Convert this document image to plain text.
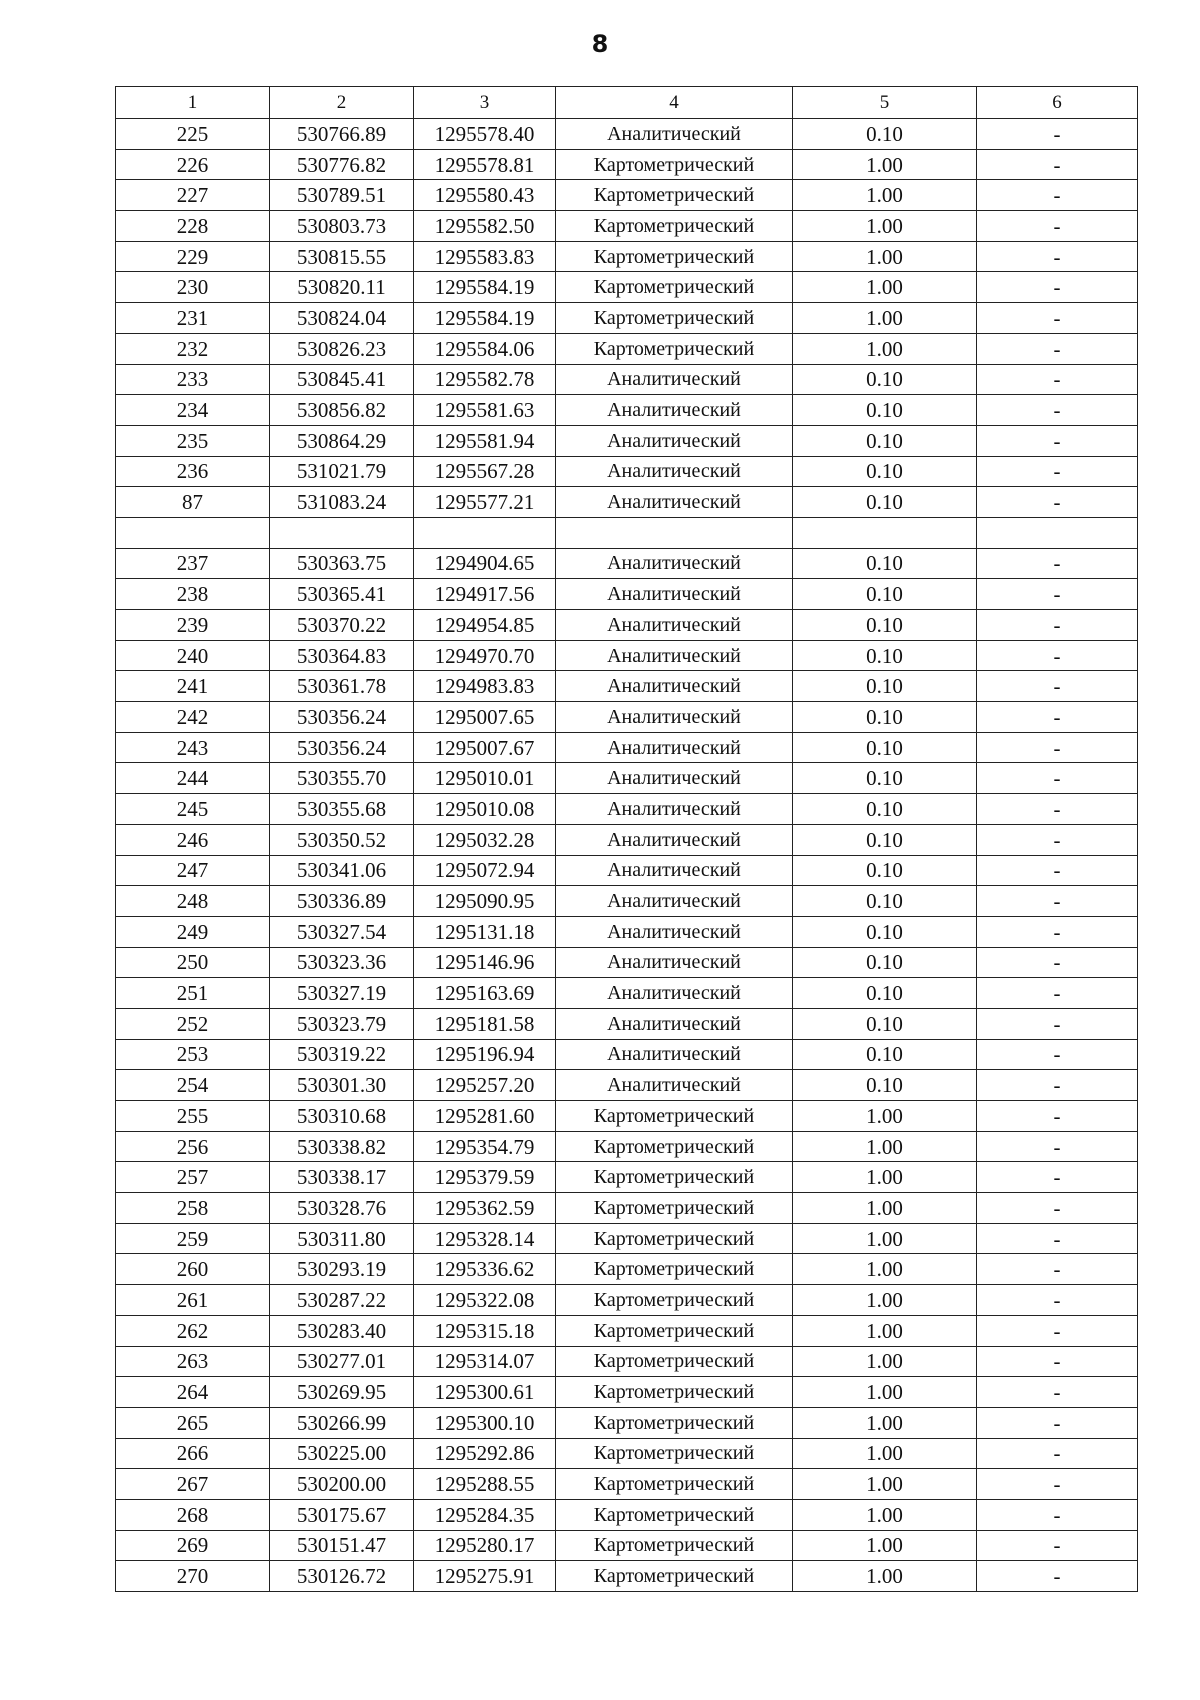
8
1	2	3	4	5	6
225	530766.89	1295578.40	Аналитический	0.10	-
226	530776.82	1295578.81	Картометрический	1.00	-
227	530789.51	1295580.43	Картометрический	1.00	-
228	530803.73	1295582.50	Картометрический	1.00	-
229	530815.55	1295583.83	Картометрический	1.00	-
230	530820.11	1295584.19	Картометрический	1.00	-
231	530824.04	1295584.19	Картометрический	1.00	-
232	530826.23	1295584.06	Картометрический	1.00	-
233	530845.41	1295582.78	Аналитический	0.10	-
234	530856.82	1295581.63	Аналитический	0.10	-
235	530864.29	1295581.94	Аналитический	0.10	-
236	531021.79	1295567.28	Аналитический	0.10	-
87	531083.24	1295577.21	Аналитический	0.10	-

237	530363.75	1294904.65	Аналитический	0.10	-
238	530365.41	1294917.56	Аналитический	0.10	-
239	530370.22	1294954.85	Аналитический	0.10	-
240	530364.83	1294970.70	Аналитический	0.10	-
241	530361.78	1294983.83	Аналитический	0.10	-
242	530356.24	1295007.65	Аналитический	0.10	-
243	530356.24	1295007.67	Аналитический	0.10	-
244	530355.70	1295010.01	Аналитический	0.10	-
245	530355.68	1295010.08	Аналитический	0.10	-
246	530350.52	1295032.28	Аналитический	0.10	-
247	530341.06	1295072.94	Аналитический	0.10	-
248	530336.89	1295090.95	Аналитический	0.10	-
249	530327.54	1295131.18	Аналитический	0.10	-
250	530323.36	1295146.96	Аналитический	0.10	-
251	530327.19	1295163.69	Аналитический	0.10	-
252	530323.79	1295181.58	Аналитический	0.10	-
253	530319.22	1295196.94	Аналитический	0.10	-
254	530301.30	1295257.20	Аналитический	0.10	-
255	530310.68	1295281.60	Картометрический	1.00	-
256	530338.82	1295354.79	Картометрический	1.00	-
257	530338.17	1295379.59	Картометрический	1.00	-
258	530328.76	1295362.59	Картометрический	1.00	-
259	530311.80	1295328.14	Картометрический	1.00	-
260	530293.19	1295336.62	Картометрический	1.00	-
261	530287.22	1295322.08	Картометрический	1.00	-
262	530283.40	1295315.18	Картометрический	1.00	-
263	530277.01	1295314.07	Картометрический	1.00	-
264	530269.95	1295300.61	Картометрический	1.00	-
265	530266.99	1295300.10	Картометрический	1.00	-
266	530225.00	1295292.86	Картометрический	1.00	-
267	530200.00	1295288.55	Картометрический	1.00	-
268	530175.67	1295284.35	Картометрический	1.00	-
269	530151.47	1295280.17	Картометрический	1.00	-
270	530126.72	1295275.91	Картометрический	1.00	-
